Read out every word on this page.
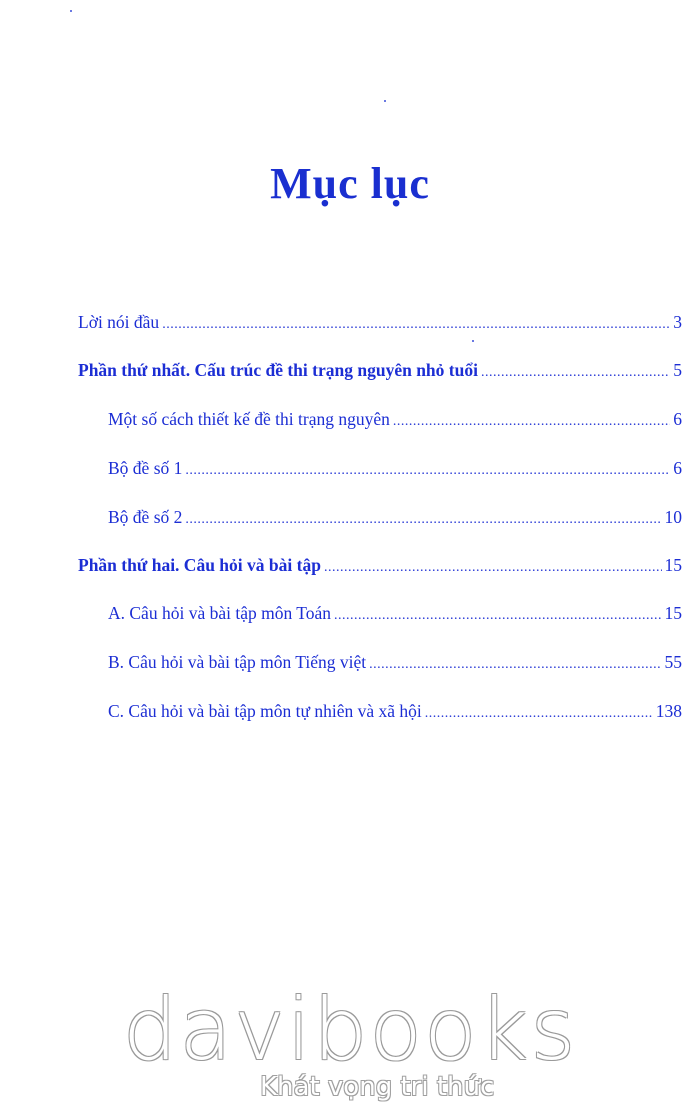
Mục lục
Lời nói đầu .....	3
Phần thứ nhất. Cấu trúc đề thi trạng nguyên nhỏ tuổi .....	5
Một số cách thiết kế đề thi trạng nguyên .....	6
Bộ đề số 1 .....	6
Bộ đề số 2 .....	10
Phần thứ hai. Câu hỏi và bài tập .....	15
A. Câu hỏi và bài tập môn Toán .....	15
B. Câu hỏi và bài tập môn Tiếng việt .....	55
C. Câu hỏi và bài tập môn tự nhiên và xã hội .....	138
davibooks
Khát vọng tri thức
